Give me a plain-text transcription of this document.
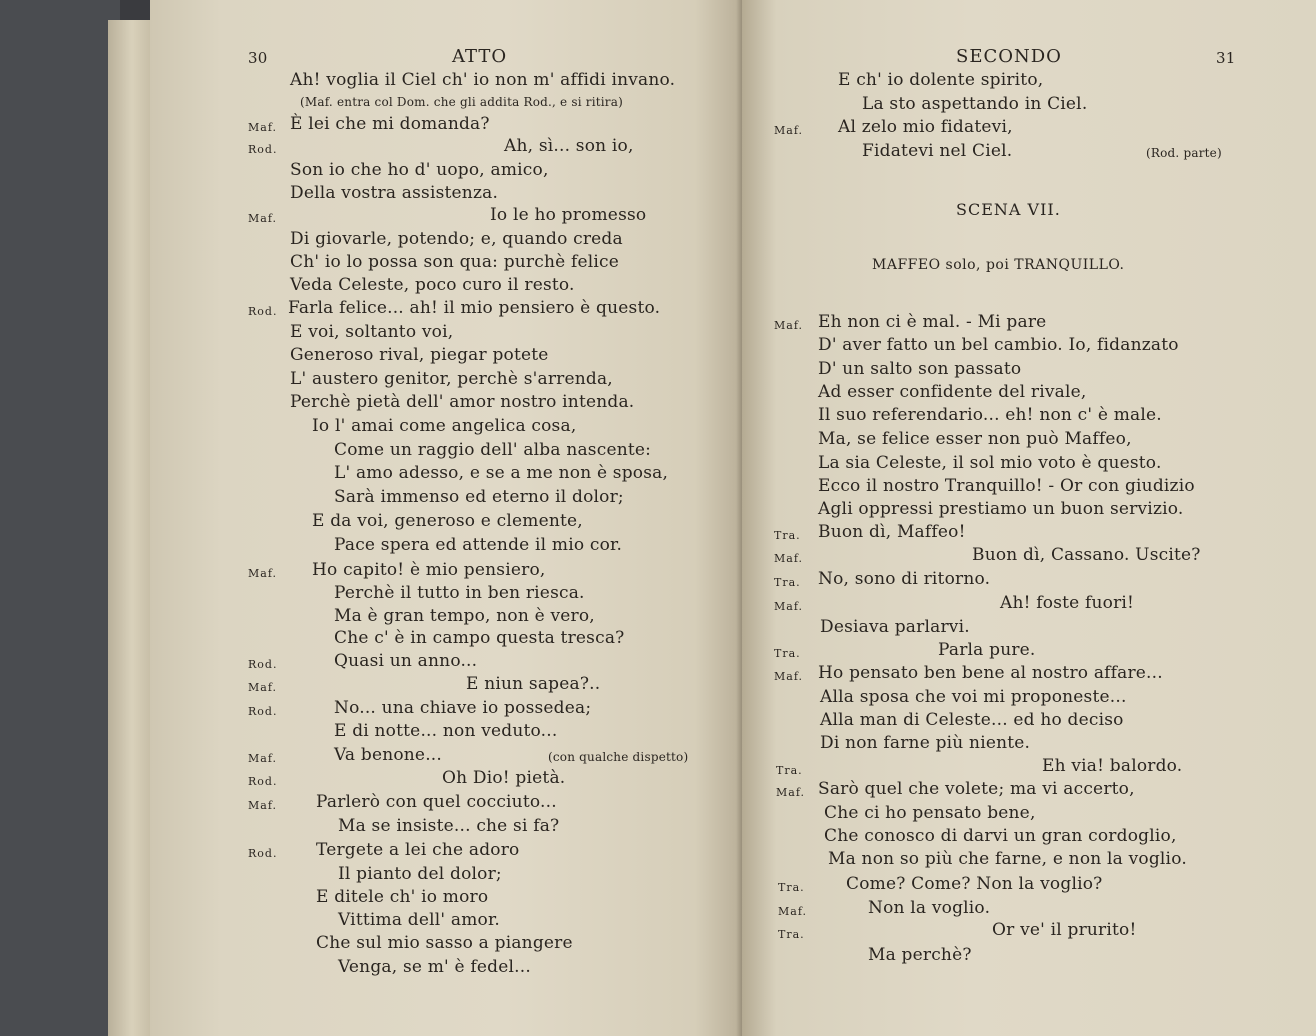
30	ATTO
Ah! voglia il Ciel ch' io non m' affidi invano.
(Maf. entra col Dom. che gli addita Rod., e si ritira)
Maf. È lei che mi domanda?
Rod.	Ah, sì... son io,
Son io che ho d' uopo, amico,
Della vostra assistenza.
Maf.	Io le ho promesso
Di giovarle, potendo; e, quando creda
Ch' io lo possa son qua: purchè felice
Veda Celeste, poco curo il resto.
Rod. Farla felice... ah! il mio pensiero è questo.
E voi, soltanto voi,
Generoso rival, piegar potete
L' austero genitor, perchè s'arrenda,
Perchè pietà dell' amor nostro intenda.
Io l' amai come angelica cosa,
Come un raggio dell' alba nascente:
L' amo adesso, e se a me non è sposa,
Sarà immenso ed eterno il dolor;
E da voi, generoso e clemente,
Pace spera ed attende il mio cor.
Maf. Ho capito! è mio pensiero,
Perchè il tutto in ben riesca.
Ma è gran tempo, non è vero,
Che c' è in campo questa tresca?
Rod.	Quasi un anno...
Maf.	E niun sapea?..
Rod.	No... una chiave io possedea;
E di notte... non veduto...
Maf.	Va benone...	(con qualche dispetto)
Rod.	Oh Dio! pietà.
Maf. Parlerò con quel cocciuto...
Ma se insiste... che si fa?
Rod. Tergete a lei che adoro
Il pianto del dolor;
E ditele ch' io moro
Vittima dell' amor.
Che sul mio sasso a piangere
Venga, se m' è fedel...
SECONDO	31
E ch' io dolente spirito,
La sto aspettando in Ciel.
Maf. Al zelo mio fidatevi,
Fidatevi nel Ciel.	(Rod. parte)
SCENA VII.
MAFFEO solo, poi TRANQUILLO.
Maf. Eh non ci è mal. - Mi pare
D' aver fatto un bel cambio. Io, fidanzato
D' un salto son passato
Ad esser confidente del rivale,
Il suo referendario... eh! non c' è male.
Ma, se felice esser non può Maffeo,
La sia Celeste, il sol mio voto è questo.
Ecco il nostro Tranquillo! - Or con giudizio
Agli oppressi prestiamo un buon servizio.
Tra. Buon dì, Maffeo!
Maf.	Buon dì, Cassano. Uscite?
Tra. No, sono di ritorno.
Maf.	Ah! foste fuori!
Desiava parlarvi.
Tra.	Parla pure.
Maf. Ho pensato ben bene al nostro affare...
Alla sposa che voi mi proponeste...
Alla man di Celeste... ed ho deciso
Di non farne più niente.
Tra.	Eh via! balordo.
Maf. Sarò quel che volete; ma vi accerto,
Che ci ho pensato bene,
Che conosco di darvi un gran cordoglio,
Ma non so più che farne, e non la voglio.
Tra. Come? Come? Non la voglio?
Maf.	Non la voglio.
Tra.	Or ve' il prurito!
Ma perchè?
